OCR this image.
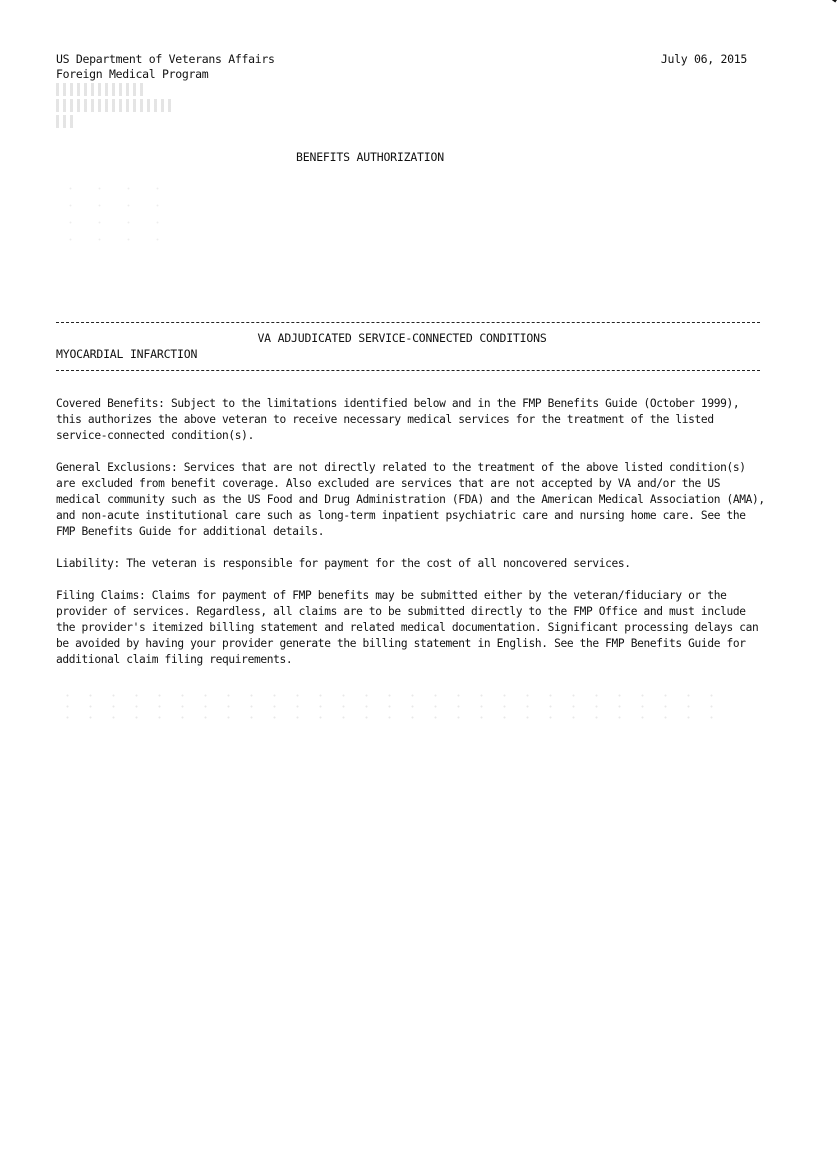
US Department of Veterans Affairs
Foreign Medical Program
July 06, 2015
BENEFITS AUTHORIZATION
VA ADJUDICATED SERVICE-CONNECTED CONDITIONS
MYOCARDIAL INFARCTION

Covered Benefits: Subject to the limitations identified below and in the FMP Benefits Guide (October 1999), this authorizes the above veteran to receive necessary medical services for the treatment of the listed service-connected condition(s).

General Exclusions: Services that are not directly related to the treatment of the above listed condition(s) are excluded from benefit coverage. Also excluded are services that are not accepted by VA and/or the US medical community such as the US Food and Drug Administration (FDA) and the American Medical Association (AMA), and non-acute institutional care such as long-term inpatient psychiatric care and nursing home care. See the FMP Benefits Guide for additional details.

Liability: The veteran is responsible for payment for the cost of all noncovered services.

Filing Claims: Claims for payment of FMP benefits may be submitted either by the veteran/fiduciary or the provider of services. Regardless, all claims are to be submitted directly to the FMP Office and must include the provider's itemized billing statement and related medical documentation. Significant processing delays can be avoided by having your provider generate the billing statement in English. See the FMP Benefits Guide for additional claim filing requirements.
